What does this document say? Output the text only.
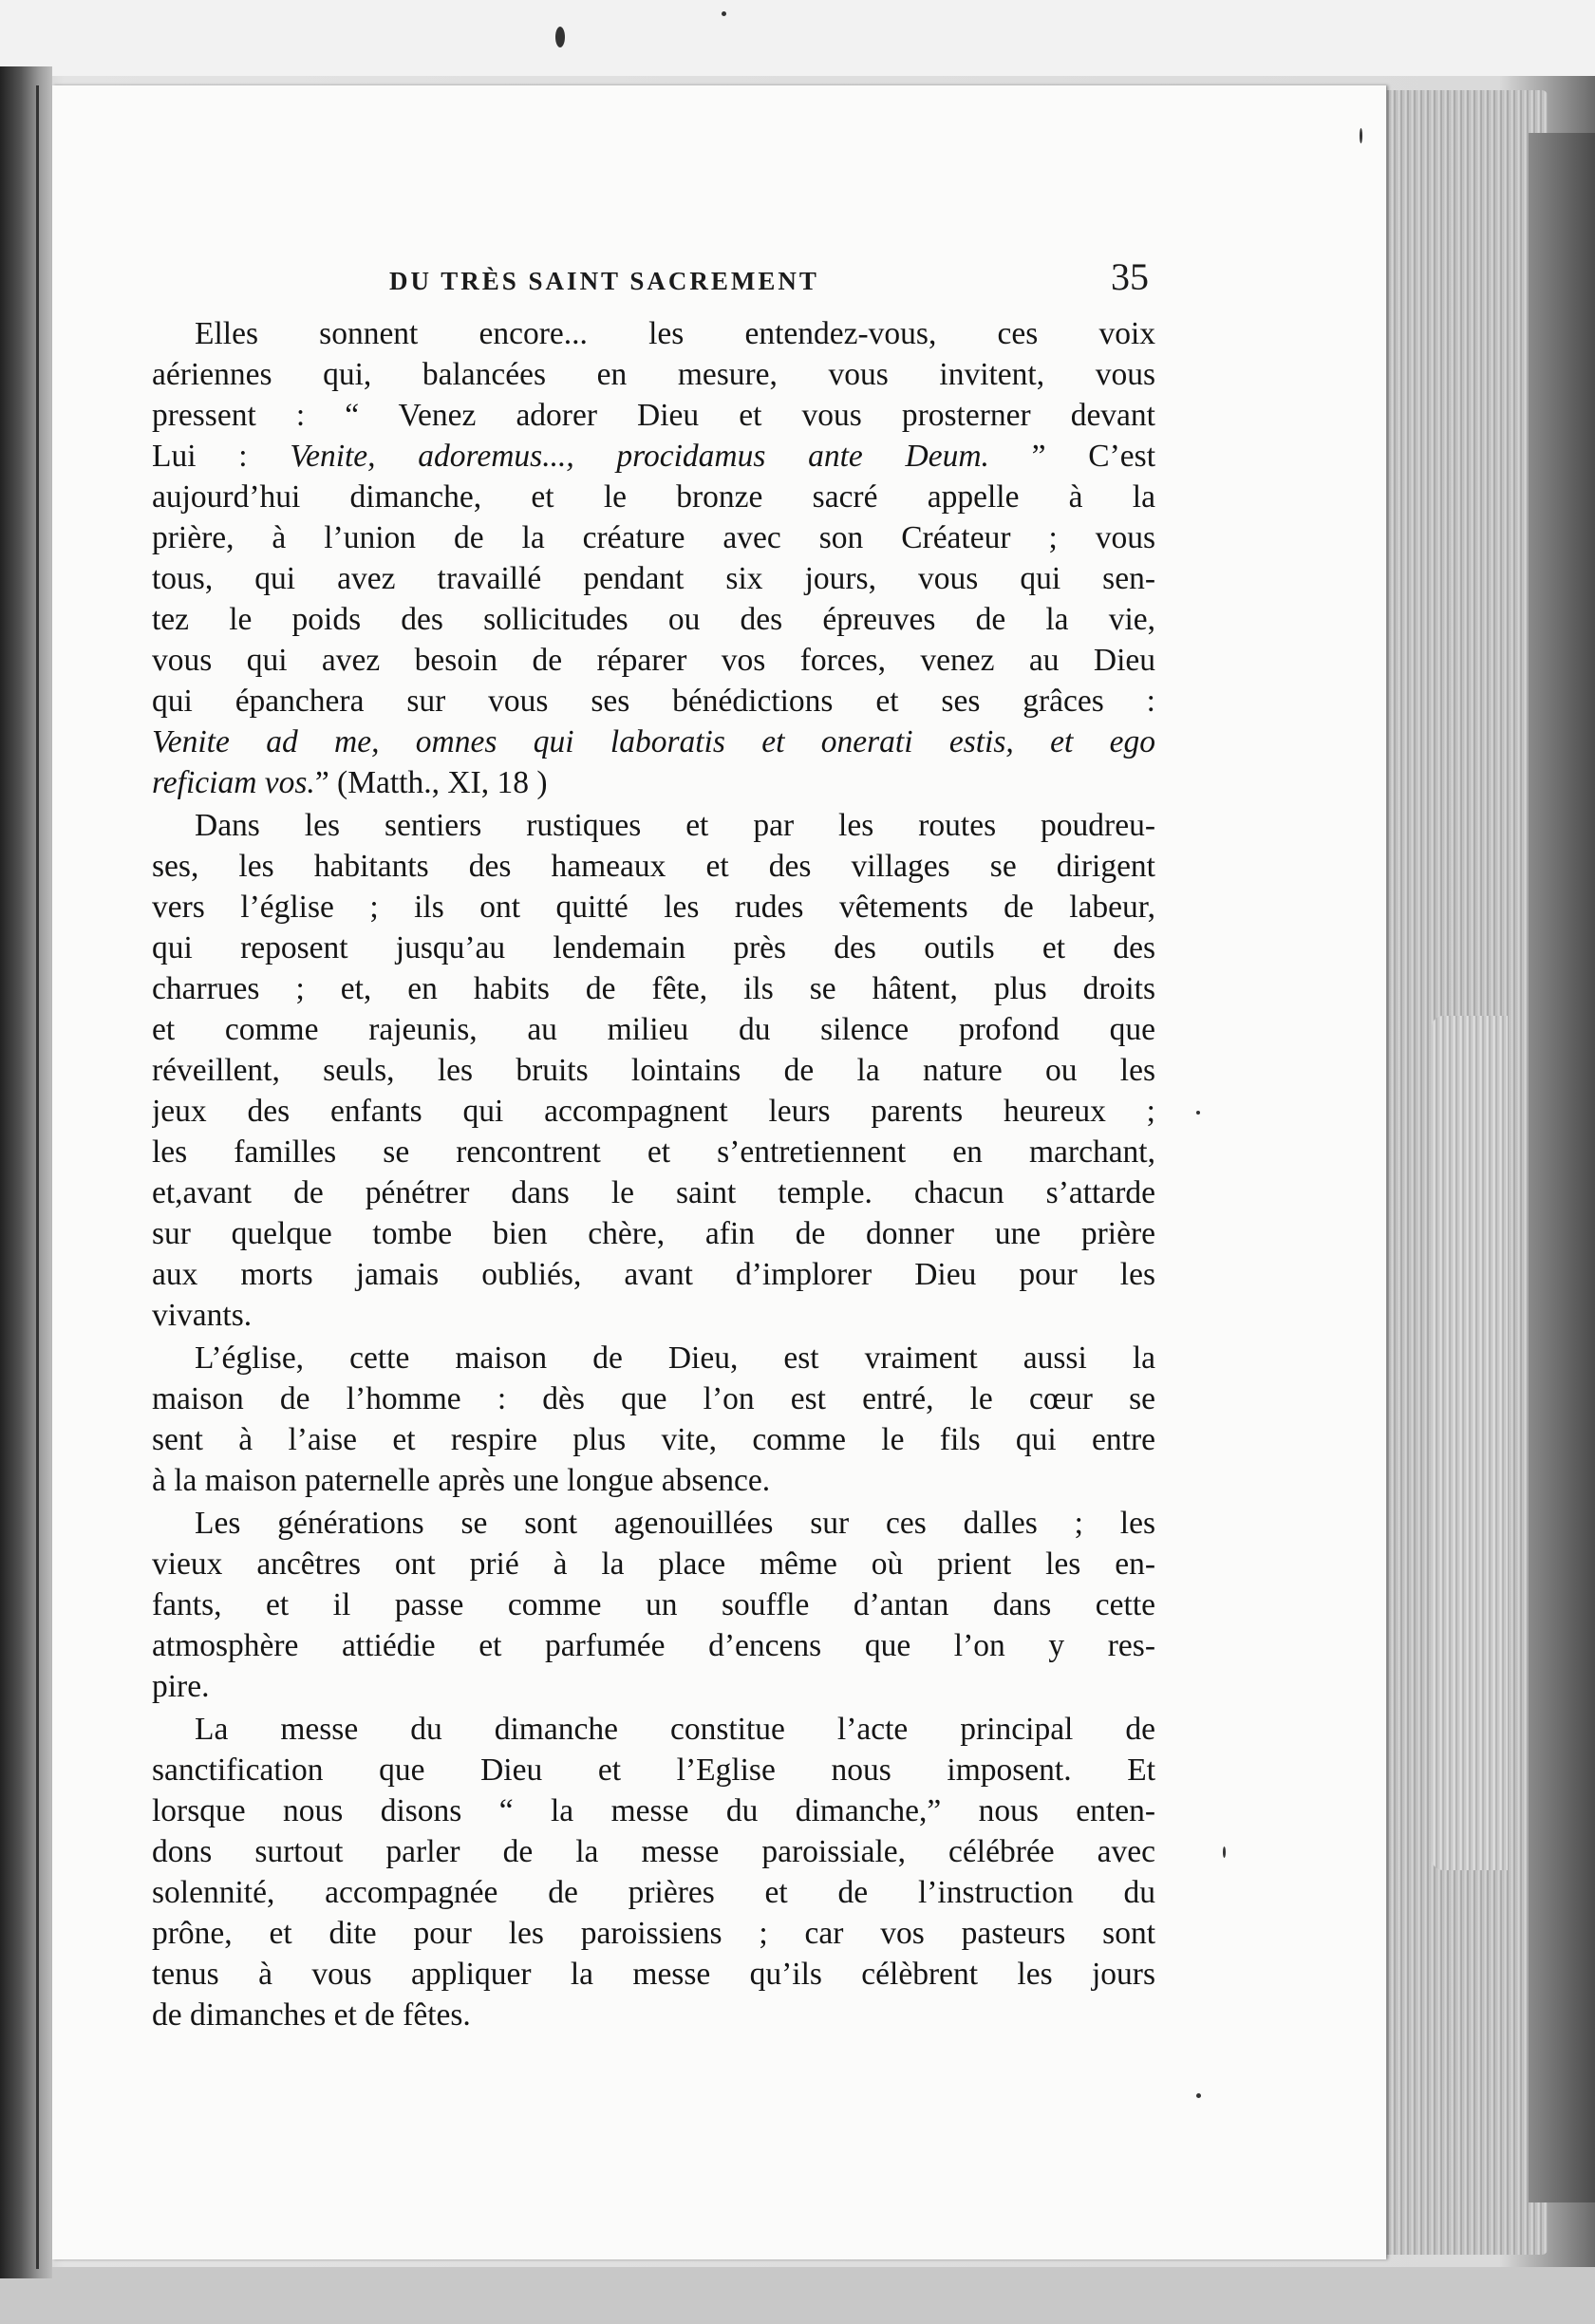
DU TRÈS SAINT SACREMENT	35
Elles sonnent encore... les entendez-vous, ces voix
aériennes qui, balancées en mesure, vous invitent, vous
pressent : “ Venez adorer Dieu et vous prosterner devant
Lui : Venite, adoremus..., procidamus ante Deum. ” C’est
aujourd’hui dimanche, et le bronze sacré appelle à la
prière, à l’union de la créature avec son Créateur ; vous
tous, qui avez travaillé pendant six jours, vous qui sen-
tez le poids des sollicitudes ou des épreuves de la vie,
vous qui avez besoin de réparer vos forces, venez au Dieu
qui épanchera sur vous ses bénédictions et ses grâces :
Venite ad me, omnes qui laboratis et onerati estis, et ego
reficiam vos.” (Matth., XI, 18 )
Dans les sentiers rustiques et par les routes poudreu-
ses, les habitants des hameaux et des villages se dirigent
vers l’église ; ils ont quitté les rudes vêtements de labeur,
qui reposent jusqu’au lendemain près des outils et des
charrues ; et, en habits de fête, ils se hâtent, plus droits
et comme rajeunis, au milieu du silence profond que
réveillent, seuls, les bruits lointains de la nature ou les
jeux des enfants qui accompagnent leurs parents heureux ;
les familles se rencontrent et s’entretiennent en marchant,
et,avant de pénétrer dans le saint temple. chacun s’attarde
sur quelque tombe bien chère, afin de donner une prière
aux morts jamais oubliés, avant d’implorer Dieu pour les
vivants.
L’église, cette maison de Dieu, est vraiment aussi la
maison de l’homme : dès que l’on est entré, le cœur se
sent à l’aise et respire plus vite, comme le fils qui entre
à la maison paternelle après une longue absence.
Les générations se sont agenouillées sur ces dalles ; les
vieux ancêtres ont prié à la place même où prient les en-
fants, et il passe comme un souffle d’antan dans cette
atmosphère attiédie et parfumée d’encens que l’on y res-
pire.
La messe du dimanche constitue l’acte principal de
sanctification que Dieu et l’Eglise nous imposent. Et
lorsque nous disons “ la messe du dimanche,” nous enten-
dons surtout parler de la messe paroissiale, célébrée avec
solennité, accompagnée de prières et de l’instruction du
prône, et dite pour les paroissiens ; car vos pasteurs sont
tenus à vous appliquer la messe qu’ils célèbrent les jours
de dimanches et de fêtes.
